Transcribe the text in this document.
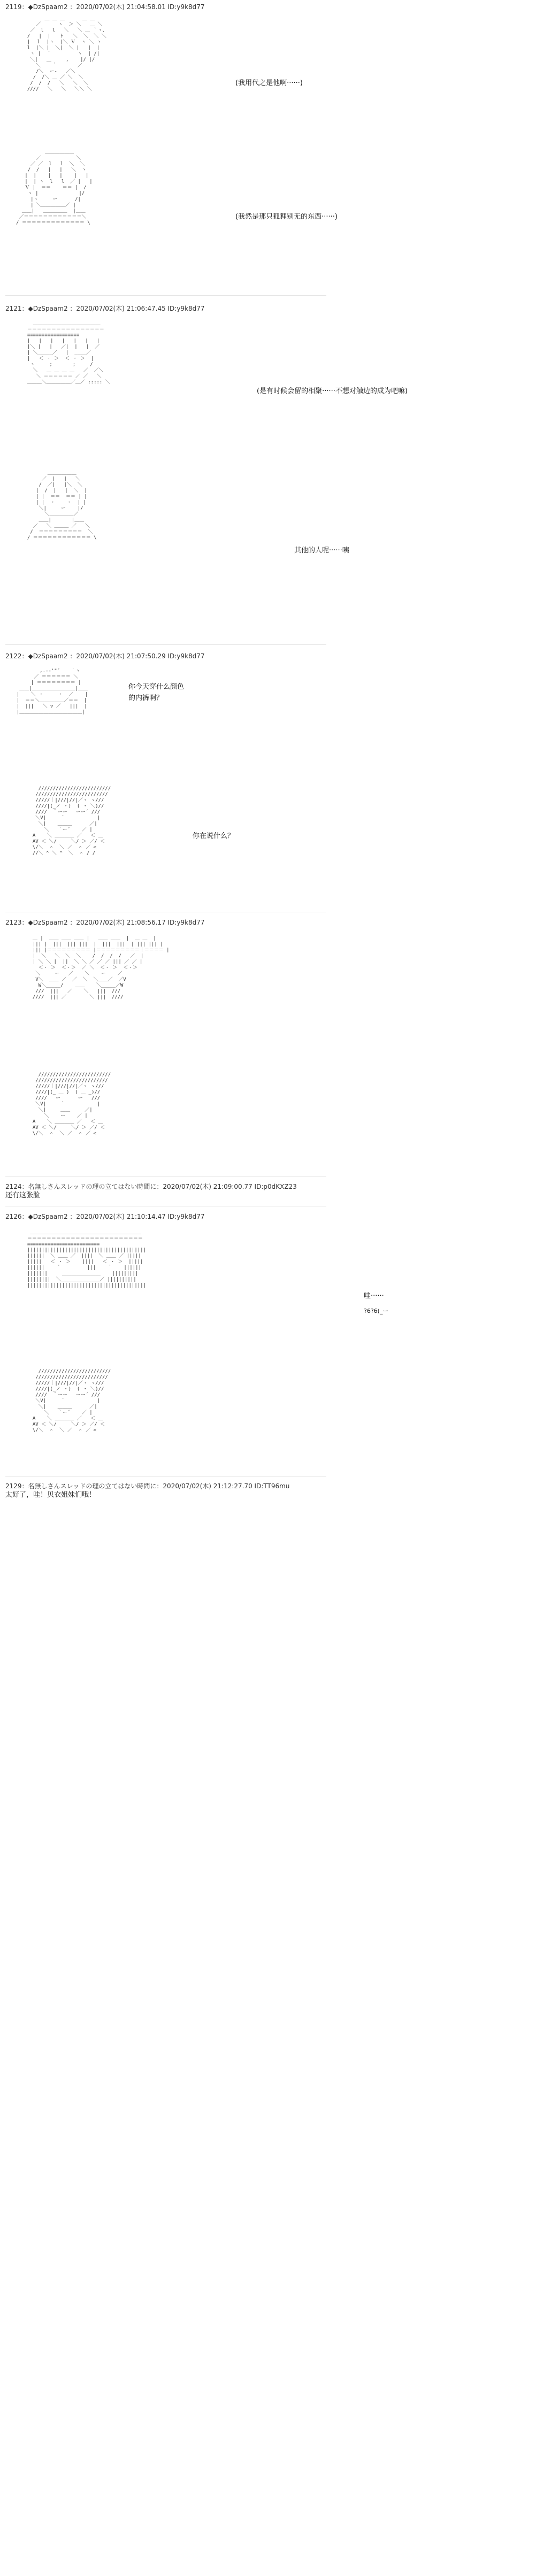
2119：◆DzSpaam2 ：2020/07/02(木) 21:04:58.01 ID:y9k8d77
＿ ＿ ＿      ＿ ＿
／      ヽ  ＞ ＼   ＿ ＼
／  l   l   ＼   ＼ ＿ ｀ヽ、
/   |  |   ト   ＼  ＼  ＼ ＼
|  ｌ  |ヽ  |＼ Ｖ  ヽ ＼ ヽ
l  |＼ |  ＼|  ＼ |   |  |
ヽ |  ｀         ヽ  | /|
＼|   ＿     ,    |/ |/
＼    ｀       ／
/＼  ー‐   ／＼
/  /＼ ＿ ／ ＼  ＼
/  /  /   ＼   ＼  ＼
////   ＼   ＼   ＼＼ ＼
(我用代之是他啊······)
＿＿＿＿＿＿
／            ＼
／ ／  l   l  ＼  ＼
/  /   |   |   ＼  ヽ
|  |    |   |    |   |
|  | ヽ  l   l  ／ |   |
Ｖ |  ＝＝    ＝＝ |  /
ヽ |              |/
|ヽ     ー      /|
| ＼＿＿＿＿＿／ |
＿＿|   ＿＿＿＿＿  |＿＿
／＝＝＝＝＝＝＝＝＝＝＝＝＼
/ ＝＝＝＝＝＝＝＝＝＝＝＝＝ \
(我然是那只狐狸别无的东西······)
2121：◆DzSpaam2 ：2020/07/02(木) 21:06:47.45 ID:y9k8d77
＿＿＿＿＿＿＿＿＿＿＿＿＿＿
＝＝＝＝＝＝＝＝＝＝＝＝＝＝＝＝
≡≡≡≡≡≡≡≡≡≡≡≡≡≡≡≡≡≡
|   |   |   |   |   |   |
|＼ |   |   ／|  |   |  ／
| ＼_____／   |  ____／
|   ＜ ・ ＞  ＜ ・ ＞  |
ヽ     ;       ;     /
＼   ＿ ＿ ＿ ＿   ／  ／＼
＼ ＝＝＝＝＝＝ ／ ／   ＼
＿＿＿＼＿＿＿＿＿／＿／ ::::: ＼
(是有时候会留的相聚······不想对触边的成为吧嘛)
＿＿＿＿＿＿
／  |   |   ＼
/  ／|   |＼  ＼
|  /  |   |  ＼  |
| |  ＝＝  ＝＝ | |
| |  ・    ・  | |
＼|     ー    |/
＼＿＿＿＿＿／
＿＿|       |＿＿
／   ＼ ＿＿＿ ／   ＼
/  ＝＝＝＝＝＝＝＝＝  ＼
/ ＝＝＝＝＝＝＝＝＝＝＝＝ \
其他的人呢······咦
2122：◆DzSpaam2 ：2020/07/02(木) 21:07:50.29 ID:y9k8d77
,.-‐'"´ ￣ ｀ヽ
／ ＝＝＝＝＝＝ ＼
| ＝＝＝＝＝＝＝＝ |
＿＿|＿＿＿＿＿＿＿＿＿|＿＿
|    ＼ ・     ・  ／    |
|  ＝＝＼＿＿＿＿＿／＝＝  |
|  |||   ＼ ▽ ／   |||  |
|＿＿＿＿＿＿＿＿＿＿＿＿＿|
你今天穿什么颜色
的内裤啊？
/////////////////////////
/////////////////////////
/////｜|///|//|／ヽ ヽ///
////|(_ノ ・)  ( ・ ＼)//
////  ｀ーー   ーー´ ///
＼V|     ｀           |
＼|    ＿＿＿      ／|
＼   ｀ー´    ／ |
A    ＼ ＿＿＿＿ ／   ＜ ＿
AV ＜ ＼/     ＼/ ＞ ／/ ＜
\/＼  ＾  ＼ ／  ＾ ／ <
//＼ ^ ＼ ^  ＼  ＾ / /
你在说什么？
2123：◆DzSpaam2 ：2020/07/02(木) 21:08:56.17 ID:y9k8d77
＿ |  ＿＿ ＿＿ ＿＿ |   ＿＿ ＿＿  |  ＿ ＿  |
||| |  |||  ||| |||  |  |||  |||  | ||| ||| |
||| |＝＝＝＝＝＝＝＝＝ |＝＝＝＝＝＝＝＝＝｜＝＝＝＝ |
|  ＼   ＼  ＼  ＼    /  /  /  /   ／  |
| ＼ ＼ |  ||  ＼ ＼ ／ ／ ／ ||| ／ ／ |
＜・ ＞  ＜・＞  ／ ＼  ＜・ ＞  ＜・＞
＼     ー   ／    ＼    ー    ／
V＼  ＿＿ ／  ／  ＼  ＼＿＿／  ／V
W＼_____/    ＿＿    ＼_____／W
///  |||   ／    ＼   |||  ///
////  ||| ／        ＼ |||  ////
/////////////////////////
/////////////////////////
/////｜|///|//|／ヽ ヽ///
////|(_ ＿ )  ( ＿ _)//
////   ー      ー   ///
＼V|     ｀           |
＼|     ＿＿     ／|
＼    ー    ／ |
A    ＼ ＿＿＿＿ ／   ＜ ＿
AV ＜ ＼/     ＼/ ＞ ／/ ＜
\/＼  ＾  ＼ ／  ＾ ／ <
2124：名無しさんスレッドの理の立てはない時間に：2020/07/02(木) 21:09:00.77 ID:p0dKXZ23
还有这张脸
2126：◆DzSpaam2 ：2020/07/02(木) 21:10:14.47 ID:y9k8d77
＿＿＿＿＿＿＿＿＿＿＿＿＿＿＿＿＿＿＿＿＿＿＿
＝＝＝＝＝＝＝＝＝＝＝＝＝＝＝＝＝＝＝＝＝＝＝＝
≡≡≡≡≡≡≡≡≡≡≡≡≡≡≡≡≡≡≡≡≡≡≡≡≡
|||||||||||||||||||||||||||||||||||||||||
||||||  ＼ ＿＿ ／  ||||  ＼ ＿＿ ／ |||||
|||||   ＜ ・ ＞    ||||   ＜ ・ ＞  |||||
||||||    ｀         |||    ｀    ||||||
|||||||     ＿＿＿＿＿＿＿＿    |||||||||
||||||||  ＼＿＿＿＿＿＿＿＿／ ||||||||||
|||||||||||||||||||||||||||||||||||||||||
哇······
?6?6(_ー
/////////////////////////
/////////////////////////
/////｜|///|//|／ヽ ヽ///
////|(_ノ ・)  ( ・ ＼)//
////  ｀ーー   ーー´ ///
＼V|     ｀           |
＼|    ＿＿＿      ／|
＼   ｀ー´    ／ |
A    ＼ ＿＿＿＿ ／   ＜ ＿
AV ＜ ＼/     ＼/ ＞ ／/ ＜
\/＼  ＾  ＼ ／  ＾ ／ <
2129：名無しさんスレッドの理の立てはない時間に：2020/07/02(木) 21:12:27.70 ID:TT96mu
太好了，哇！贝衣姐妹们哦！
